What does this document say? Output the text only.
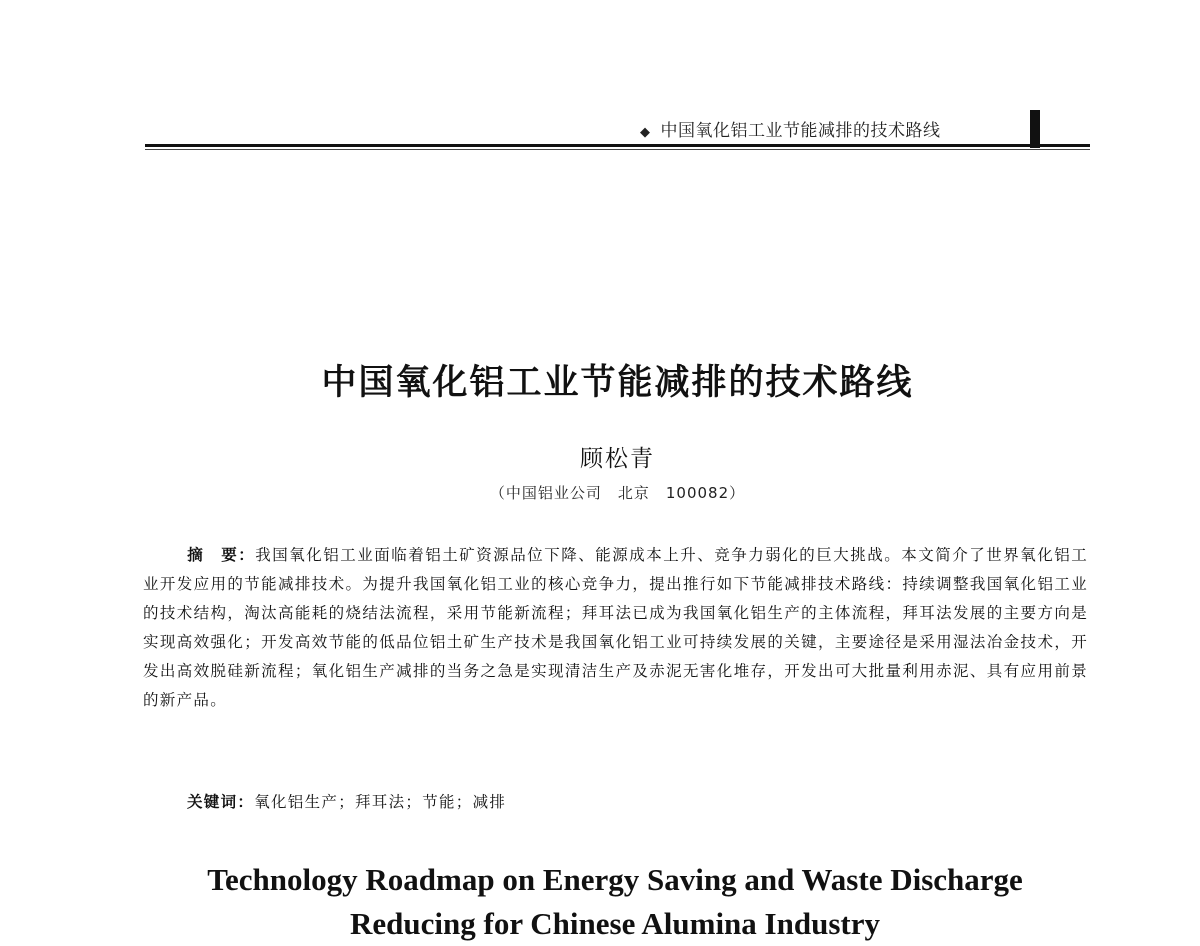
◆ 中国氧化铝工业节能减排的技术路线
中国氧化铝工业节能减排的技术路线
顾松青
（中国铝业公司　北京　100082）
摘　要：我国氧化铝工业面临着铝土矿资源品位下降、能源成本上升、竞争力弱化的巨大挑战。本文简介了世界氧化铝工业开发应用的节能减排技术。为提升我国氧化铝工业的核心竞争力，提出推行如下节能减排技术路线：持续调整我国氧化铝工业的技术结构，淘汰高能耗的烧结法流程，采用节能新流程；拜耳法已成为我国氧化铝生产的主体流程，拜耳法发展的主要方向是实现高效强化；开发高效节能的低品位铝土矿生产技术是我国氧化铝工业可持续发展的关键，主要途径是采用湿法冶金技术，开发出高效脱硅新流程；氧化铝生产减排的当务之急是实现清洁生产及赤泥无害化堆存，开发出可大批量利用赤泥、具有应用前景的新产品。
关键词：氧化铝生产；拜耳法；节能；减排
Technology Roadmap on Energy Saving and Waste Discharge
Reducing for Chinese Alumina Industry
